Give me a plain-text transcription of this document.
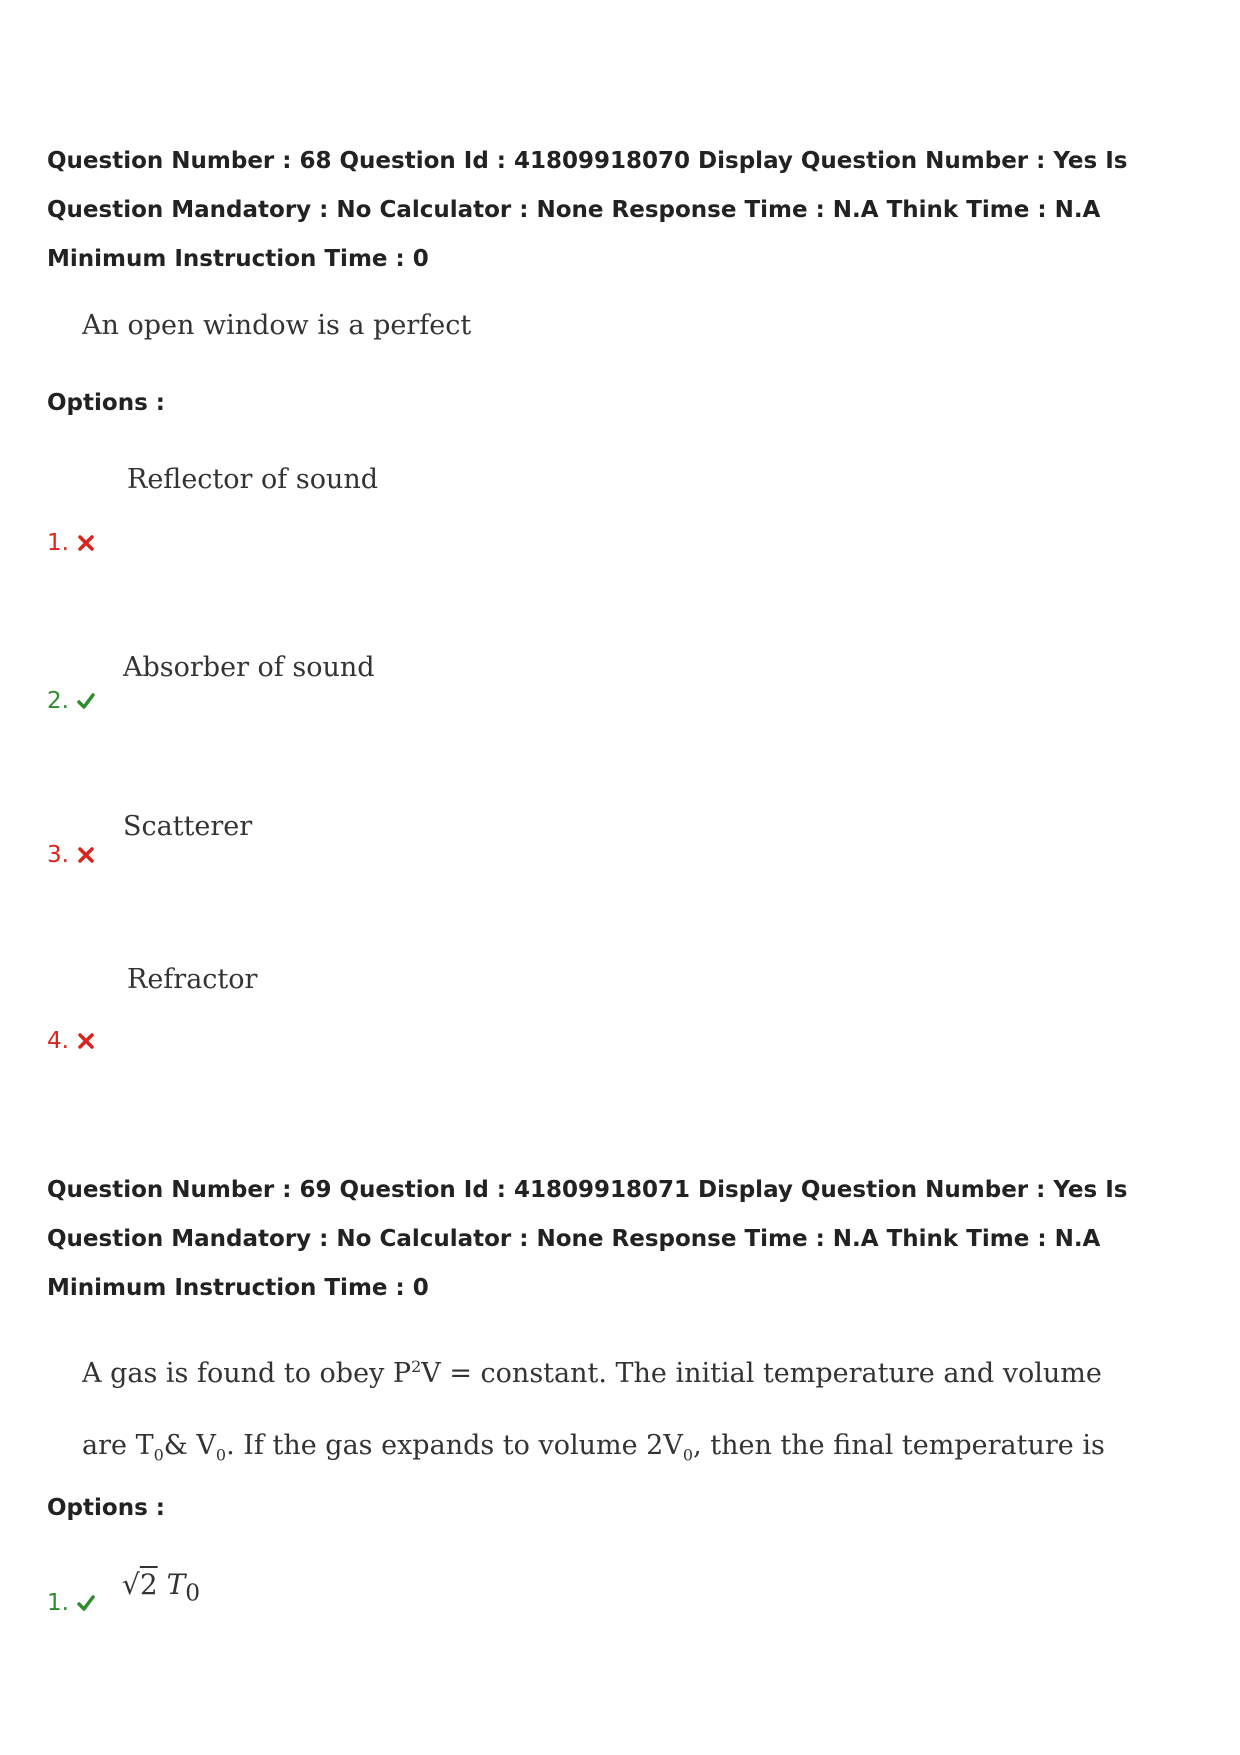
Question Number : 68 Question Id : 41809918070 Display Question Number : Yes Is Question Mandatory : No Calculator : None Response Time : N.A Think Time : N.A Minimum Instruction Time : 0
An open window is a perfect
Options :
Reflector of sound
1.
Absorber of sound
2.
Scatterer
3.
Refractor
4.
Question Number : 69 Question Id : 41809918071 Display Question Number : Yes Is Question Mandatory : No Calculator : None Response Time : N.A Think Time : N.A Minimum Instruction Time : 0
A gas is found to obey $P^2V$ = constant. The initial temperature and volume
are $T_0\&$ $V_0$. If the gas expands to volume $2V_0$, then the final temperature is
Options :
√2 $T_0$
1.
